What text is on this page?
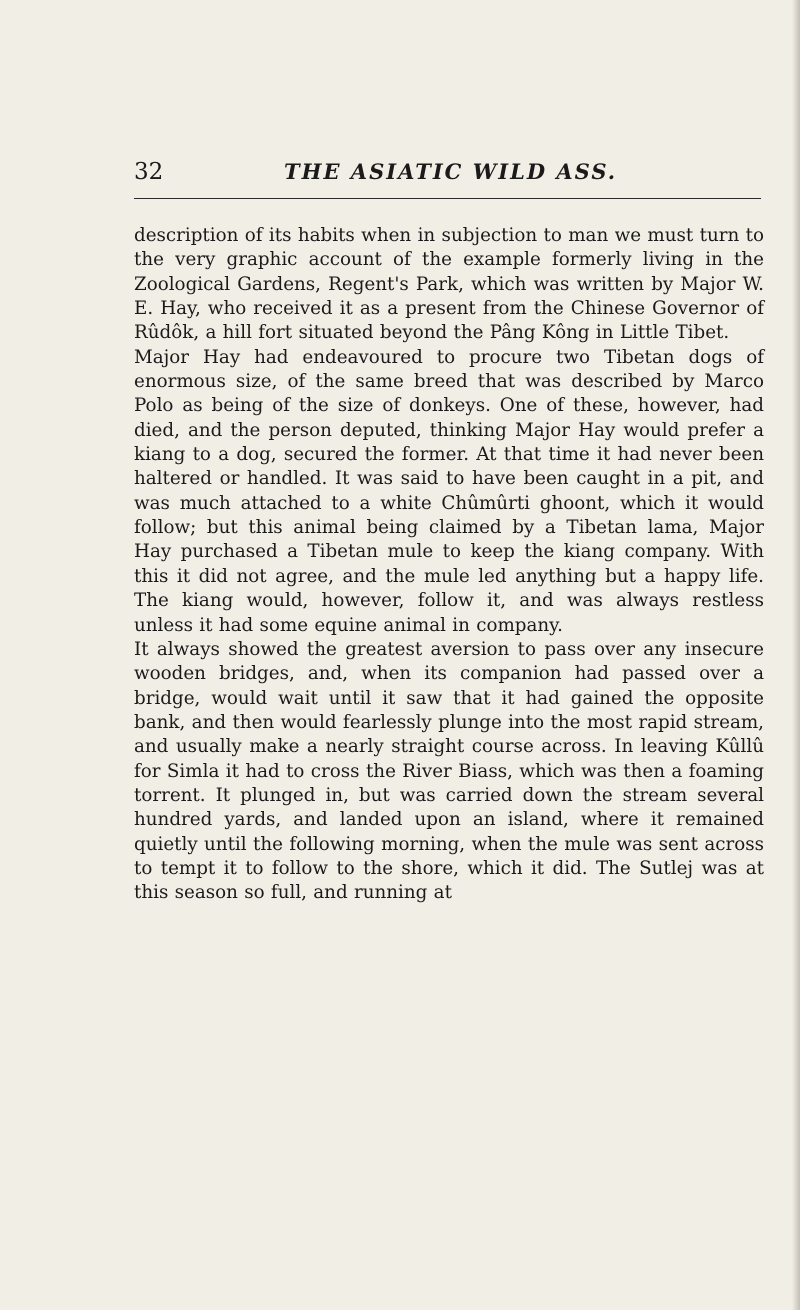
32	THE ASIATIC WILD ASS.

description of its habits when in subjection to man we must turn to the very graphic account of the example formerly living in the Zoological Gardens, Regent's Park, which was written by Major W. E. Hay, who received it as a present from the Chinese Governor of Rûdôk, a hill fort situated beyond the Pâng Kông in Little Tibet.

Major Hay had endeavoured to procure two Tibetan dogs of enormous size, of the same breed that was described by Marco Polo as being of the size of donkeys. One of these, however, had died, and the person deputed, thinking Major Hay would prefer a kiang to a dog, secured the former. At that time it had never been haltered or handled. It was said to have been caught in a pit, and was much attached to a white Chûmûrti ghoont, which it would follow; but this animal being claimed by a Tibetan lama, Major Hay purchased a Tibetan mule to keep the kiang company. With this it did not agree, and the mule led anything but a happy life. The kiang would, however, follow it, and was always restless unless it had some equine animal in company.

It always showed the greatest aversion to pass over any insecure wooden bridges, and, when its companion had passed over a bridge, would wait until it saw that it had gained the opposite bank, and then would fearlessly plunge into the most rapid stream, and usually make a nearly straight course across. In leaving Kûllû for Simla it had to cross the River Biass, which was then a foaming torrent. It plunged in, but was carried down the stream several hundred yards, and landed upon an island, where it remained quietly until the following morning, when the mule was sent across to tempt it to follow to the shore, which it did. The Sutlej was at this season so full, and running at
